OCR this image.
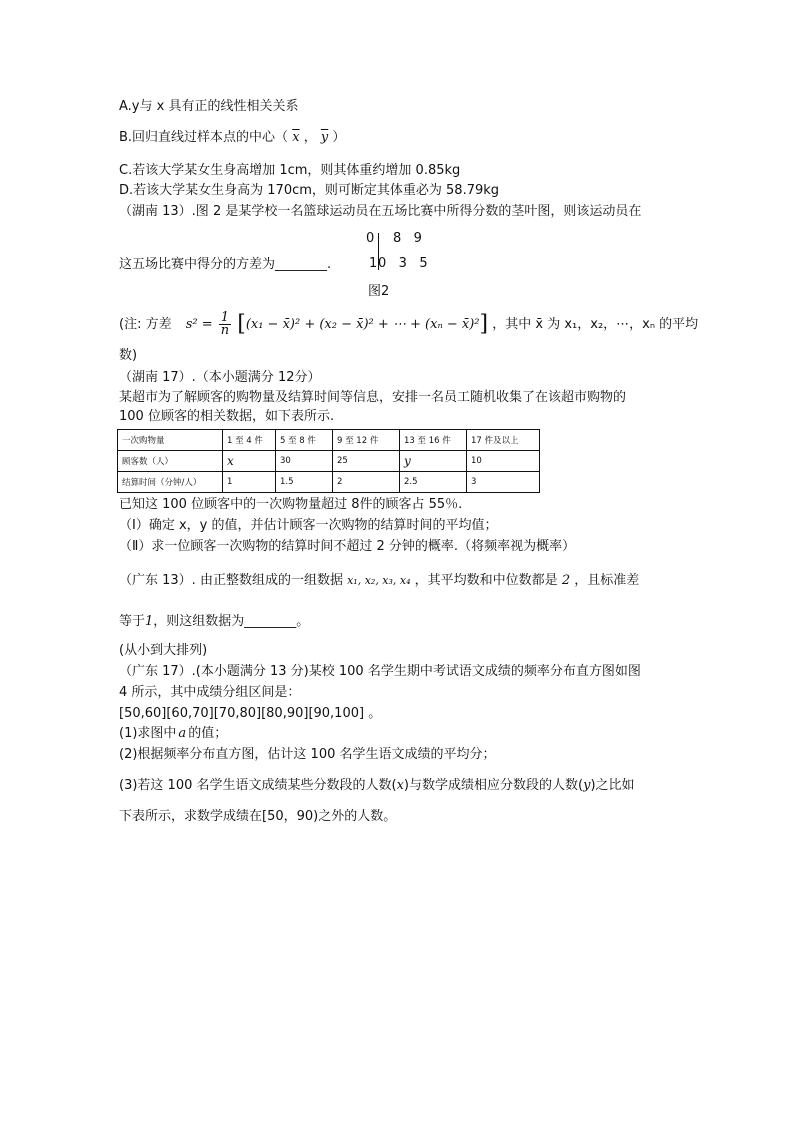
A.y与 x 具有正的线性相关关系
B.回归直线过样本点的中心（ $\overline{x}$ ， $\overline{y}$ ）
C.若该大学某女生身高增加 1cm，则其体重约增加 0.85kg
D.若该大学某女生身高为 170cm，则可断定其体重必为 58.79kg
（湖南 13）.图 2 是某学校一名篮球运动员在五场比赛中所得分数的茎叶图，则该运动员在
0 8   9
1 0   3   5
图2
这五场比赛中得分的方差为________.
(注: 方差 $s^2 = \frac{1}{n} [(x_1$ − x̄)² + (x₂ − x̄)² + ⋯ + (xₙ − x̄)²] ，其中 x̄ 为 x₁，x₂，⋯，xₙ 的平均
数)
（湖南 17）.（本小题满分 12分）
某超市为了解顾客的购物量及结算时间等信息，安排一名员工随机收集了在该超市购物的
100 位顾客的相关数据，如下表所示.
一次购物量	1 至 4 件	5 至 8 件	9 至 12 件	13 至 16 件	17 件及以上
顾客数（人）	x	30	25	y	10
结算时间（分钟/人）	1	1.5	2	2.5	3
已知这 100 位顾客中的一次购物量超过 8件的顾客占 55％.
（Ⅰ）确定 x，y 的值，并估计顾客一次购物的结算时间的平均值；
（Ⅱ）求一位顾客一次购物的结算时间不超过 2 分钟的概率.（将频率视为概率）
（广东 13）. 由正整数组成的一组数据 x₁, x₂, x₃, x₄ ，其平均数和中位数都是 2 ，且标准差
等于1，则这组数据为________。
(从小到大排列)
（广东 17）.(本小题满分 13 分)某校 100 名学生期中考试语文成绩的频率分布直方图如图
4 所示，其中成绩分组区间是：
[50,60][60,70][70,80][80,90][90,100] 。
(1)求图中 a 的值；
(2)根据频率分布直方图，估计这 100 名学生语文成绩的平均分；
(3)若这 100 名学生语文成绩某些分数段的人数(x)与数学成绩相应分数段的人数(y)之比如
下表所示，求数学成绩在[50，90)之外的人数。
